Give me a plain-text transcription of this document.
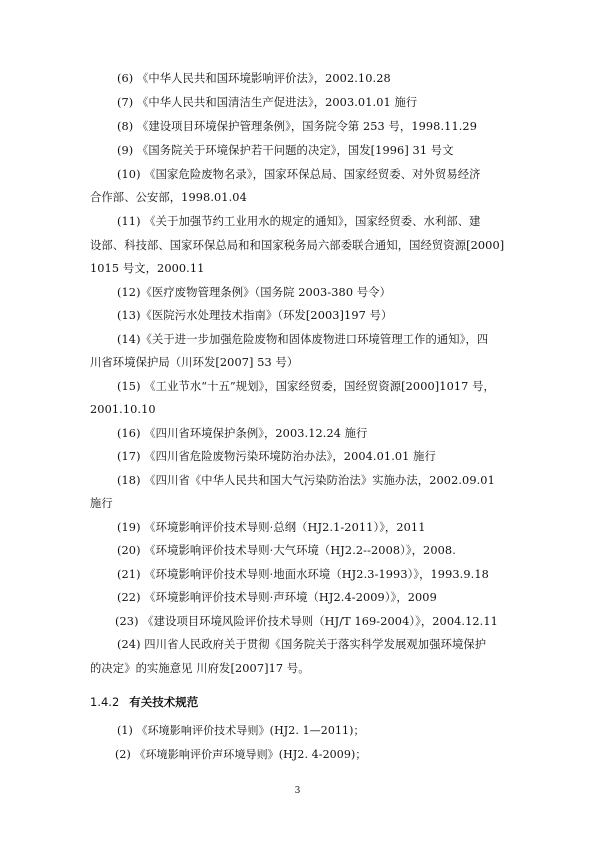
(6) 《中华人民共和国环境影响评价法》，2002.10.28
(7) 《中华人民共和国清洁生产促进法》，2003.01.01 施行
(8) 《建设项目环境保护管理条例》，国务院令第 253 号，1998.11.29
(9) 《国务院关于环境保护若干问题的决定》，国发[1996] 31 号文
(10) 《国家危险废物名录》，国家环保总局、国家经贸委、对外贸易经济
合作部、公安部，1998.01.04
(11) 《关于加强节约工业用水的规定的通知》，国家经贸委、水利部、建
设部、科技部、国家环保总局和和国家税务局六部委联合通知，国经贸资源[2000]
1015 号文，2000.11
(12)《医疗废物管理条例》（国务院 2003-380 号令）
(13)《医院污水处理技术指南》（环发[2003]197 号）
(14)《关于进一步加强危险废物和固体废物进口环境管理工作的通知》，四
川省环境保护局（川环发[2007] 53 号）
(15) 《工业节水“十五”规划》，国家经贸委，国经贸资源[2000]1017 号，
2001.10.10
(16) 《四川省环境保护条例》，2003.12.24 施行
(17) 《四川省危险废物污染环境防治办法》，2004.01.01 施行
(18) 《四川省《中华人民共和国大气污染防治法》实施办法，2002.09.01
施行
(19) 《环境影响评价技术导则·总纲（HJ2.1-2011）》，2011
(20) 《环境影响评价技术导则·大气环境（HJ2.2--2008）》，2008.
(21) 《环境影响评价技术导则·地面水环境（HJ2.3-1993）》，1993.9.18
(22) 《环境影响评价技术导则·声环境（HJ2.4-2009）》，2009
(23) 《建设项目环境风险评价技术导则（HJ/T 169-2004）》，2004.12.11
(24) 四川省人民政府关于贯彻《国务院关于落实科学发展观加强环境保护
的决定》的实施意见 川府发[2007]17 号。
1.4.2 有关技术规范
(1) 《环境影响评价技术导则》(HJ2. 1—2011)；
(2) 《环境影响评价声环境导则》(HJ2. 4-2009)；
3
